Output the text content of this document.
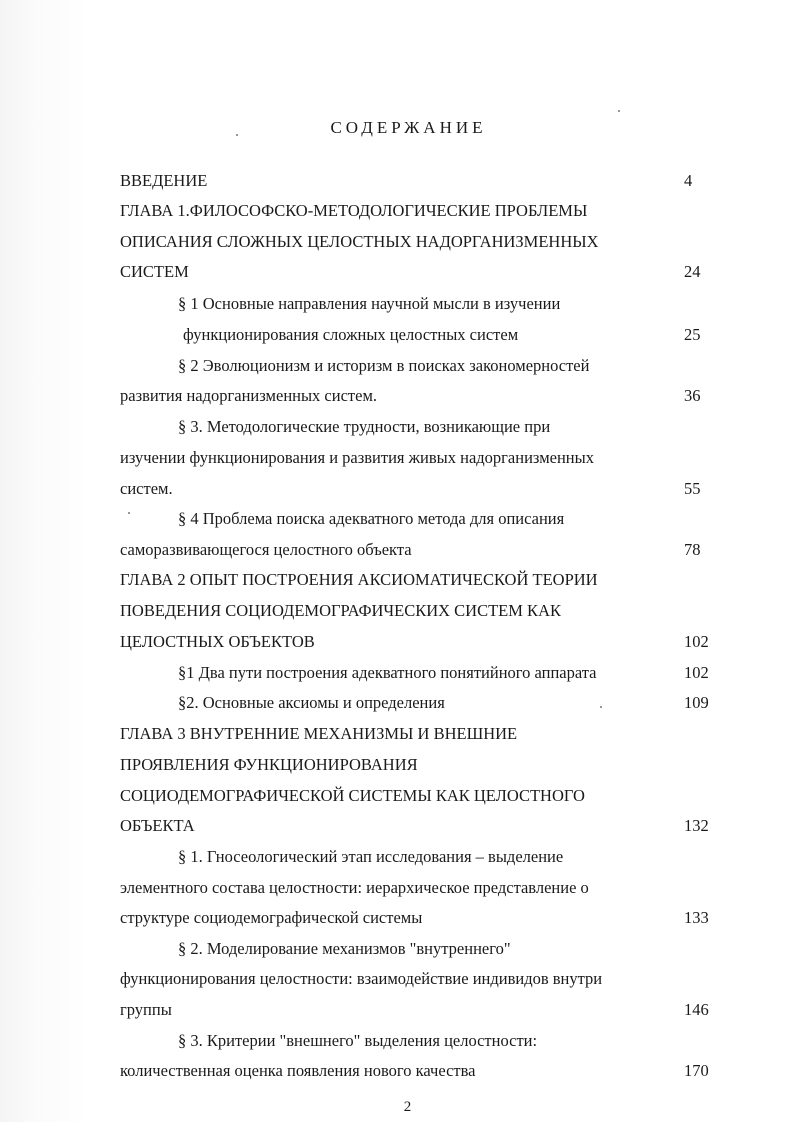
СОДЕРЖАНИЕ
ВВЕДЕНИЕ	4
ГЛАВА 1.ФИЛОСОФСКО-МЕТОДОЛОГИЧЕСКИЕ ПРОБЛЕМЫ
ОПИСАНИЯ СЛОЖНЫХ ЦЕЛОСТНЫХ НАДОРГАНИЗМЕННЫХ
СИСТЕМ	24
§ 1 Основные направления научной мысли в изучении
функционирования сложных целостных систем	25
§ 2 Эволюционизм и историзм в поисках закономерностей
развития надорганизменных систем.	36
§ 3. Методологические трудности, возникающие при
изучении функционирования и развития живых надорганизменных
систем.	55
§ 4 Проблема поиска адекватного метода для описания
саморазвивающегося целостного объекта	78
ГЛАВА 2 ОПЫТ ПОСТРОЕНИЯ АКСИОМАТИЧЕСКОЙ ТЕОРИИ
ПОВЕДЕНИЯ СОЦИОДЕМОГРАФИЧЕСКИХ СИСТЕМ КАК
ЦЕЛОСТНЫХ ОБЪЕКТОВ	102
§1 Два пути построения адекватного понятийного аппарата	102
§2. Основные аксиомы и определения	109
ГЛАВА 3 ВНУТРЕННИЕ МЕХАНИЗМЫ И ВНЕШНИЕ
ПРОЯВЛЕНИЯ ФУНКЦИОНИРОВАНИЯ
СОЦИОДЕМОГРАФИЧЕСКОЙ СИСТЕМЫ КАК ЦЕЛОСТНОГО
ОБЪЕКТА	132
§ 1. Гносеологический этап исследования – выделение
элементного состава целостности: иерархическое представление о
структуре социодемографической системы	133
§ 2. Моделирование механизмов "внутреннего"
функционирования целостности: взаимодействие индивидов внутри
группы	146
§ 3. Критерии "внешнего" выделения целостности:
количественная оценка появления нового качества	170
2
